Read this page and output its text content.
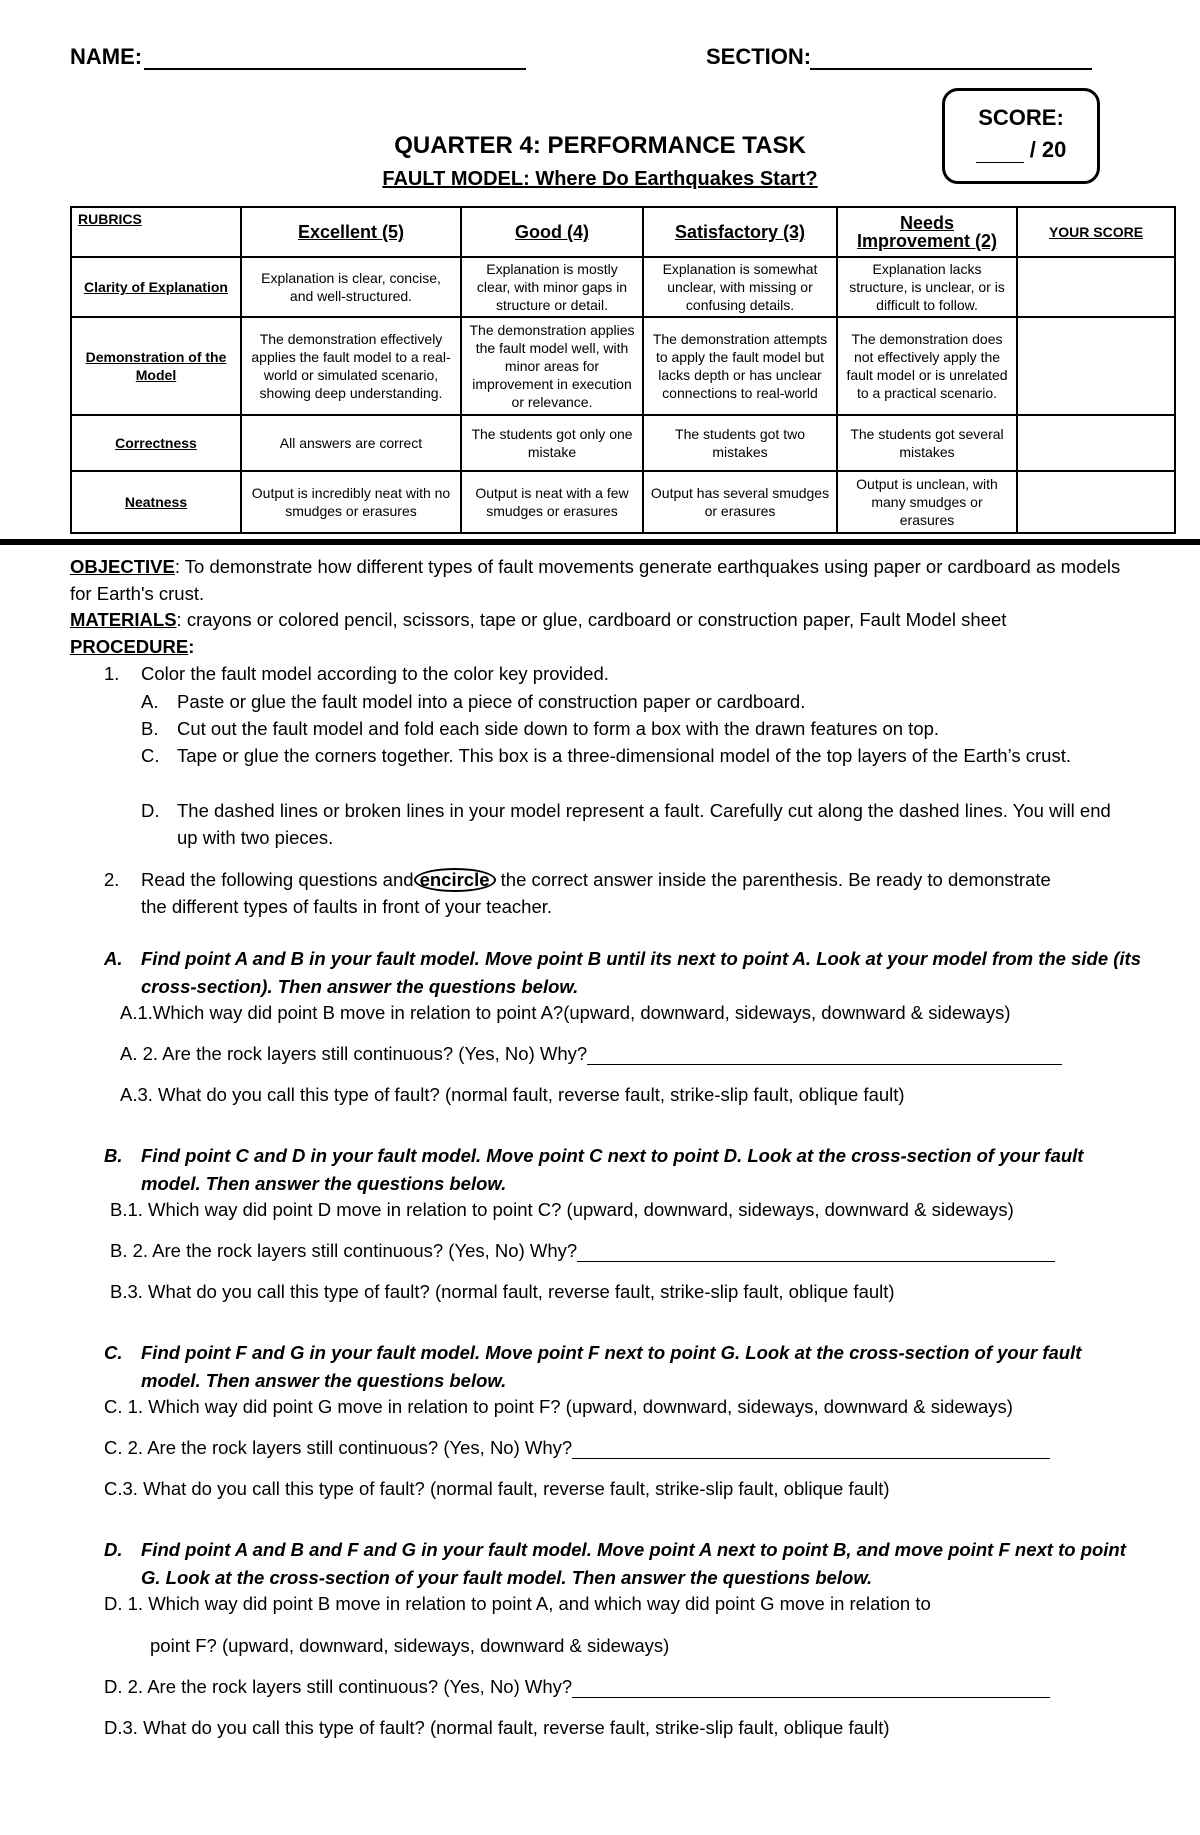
NAME:	SECTION:
SCORE:
/ 20
QUARTER 4: PERFORMANCE TASK
FAULT MODEL: Where Do Earthquakes Start?
RUBRICS	Excellent (5)	Good (4)	Satisfactory (3)	Needs Improvement (2)	YOUR SCORE
Clarity of Explanation	Explanation is clear, concise, and well-structured.	Explanation is mostly clear, with minor gaps in structure or detail.	Explanation is somewhat unclear, with missing or confusing details.	Explanation lacks structure, is unclear, or is difficult to follow.	
Demonstration of the Model	The demonstration effectively applies the fault model to a real-world or simulated scenario, showing deep understanding.	The demonstration applies the fault model well, with minor areas for improvement in execution or relevance.	The demonstration attempts to apply the fault model but lacks depth or has unclear connections to real-world	The demonstration does not effectively apply the fault model or is unrelated to a practical scenario.	
Correctness	All answers are correct	The students got only one mistake	The students got two mistakes	The students got several mistakes	
Neatness	Output is incredibly neat with no smudges or erasures	Output is neat with a few smudges or erasures	Output has several smudges or erasures	Output is unclean, with many smudges or erasures	
OBJECTIVE: To demonstrate how different types of fault movements generate earthquakes using paper or cardboard as models for Earth's crust.
MATERIALS: crayons or colored pencil, scissors, tape or glue, cardboard or construction paper, Fault Model sheet
PROCEDURE:
1. Color the fault model according to the color key provided.
A. Paste or glue the fault model into a piece of construction paper or cardboard.
B. Cut out the fault model and fold each side down to form a box with the drawn features on top.
C. Tape or glue the corners together. This box is a three-dimensional model of the top layers of the Earth’s crust.
D. The dashed lines or broken lines in your model represent a fault. Carefully cut along the dashed lines. You will end up with two pieces.
2. Read the following questions and encircle the correct answer inside the parenthesis. Be ready to demonstrate the different types of faults in front of your teacher.
A. Find point A and B in your fault model. Move point B until its next to point A. Look at your model from the side (its cross-section). Then answer the questions below.
A.1.Which way did point B move in relation to point A?(upward, downward, sideways, downward & sideways)
A. 2. Are the rock layers still continuous? (Yes, No) Why?
A.3. What do you call this type of fault? (normal fault, reverse fault, strike-slip fault, oblique fault)
B. Find point C and D in your fault model. Move point C next to point D. Look at the cross-section of your fault model. Then answer the questions below.
B.1. Which way did point D move in relation to point C? (upward, downward, sideways, downward & sideways)
B. 2. Are the rock layers still continuous? (Yes, No) Why?
B.3. What do you call this type of fault? (normal fault, reverse fault, strike-slip fault, oblique fault)
C. Find point F and G in your fault model. Move point F next to point G. Look at the cross-section of your fault model. Then answer the questions below.
C. 1. Which way did point G move in relation to point F? (upward, downward, sideways, downward & sideways)
C. 2. Are the rock layers still continuous? (Yes, No) Why?
C.3. What do you call this type of fault? (normal fault, reverse fault, strike-slip fault, oblique fault)
D. Find point A and B and F and G in your fault model. Move point A next to point B, and move point F next to point G. Look at the cross-section of your fault model. Then answer the questions below.
D. 1. Which way did point B move in relation to point A, and which way did point G move in relation to
point F? (upward, downward, sideways, downward & sideways)
D. 2. Are the rock layers still continuous? (Yes, No) Why?
D.3. What do you call this type of fault? (normal fault, reverse fault, strike-slip fault, oblique fault)
